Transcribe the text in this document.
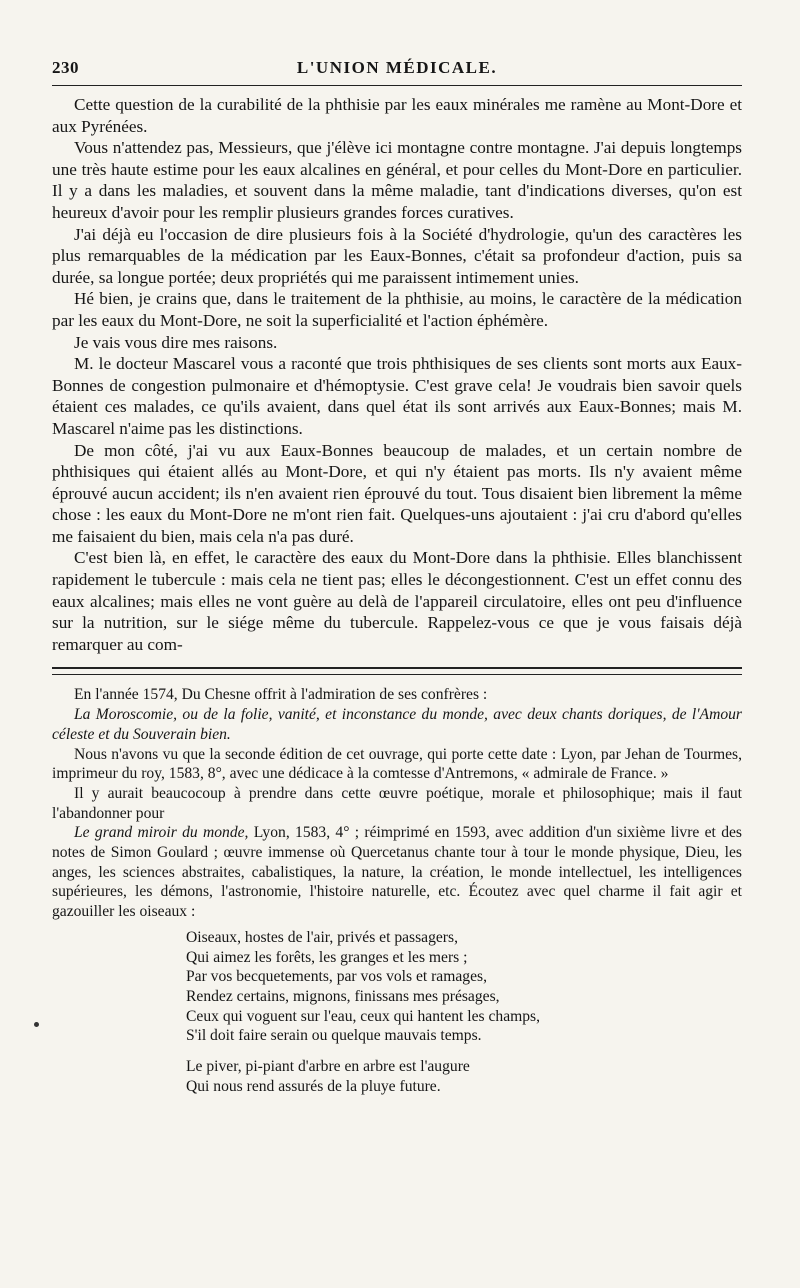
230	L'UNION MÉDICALE.

Cette question de la curabilité de la phthisie par les eaux minérales me ramène au Mont-Dore et aux Pyrénées.

Vous n'attendez pas, Messieurs, que j'élève ici montagne contre montagne. J'ai depuis longtemps une très haute estime pour les eaux alcalines en général, et pour celles du Mont-Dore en particulier. Il y a dans les maladies, et souvent dans la même maladie, tant d'indications diverses, qu'on est heureux d'avoir pour les remplir plusieurs grandes forces curatives.

J'ai déjà eu l'occasion de dire plusieurs fois à la Société d'hydrologie, qu'un des caractères les plus remarquables de la médication par les Eaux-Bonnes, c'était sa profondeur d'action, puis sa durée, sa longue portée; deux propriétés qui me paraissent intimement unies.

Hé bien, je crains que, dans le traitement de la phthisie, au moins, le caractère de la médication par les eaux du Mont-Dore, ne soit la superficialité et l'action éphémère.

Je vais vous dire mes raisons.

M. le docteur Mascarel vous a raconté que trois phthisiques de ses clients sont morts aux Eaux-Bonnes de congestion pulmonaire et d'hémoptysie. C'est grave cela! Je voudrais bien savoir quels étaient ces malades, ce qu'ils avaient, dans quel état ils sont arrivés aux Eaux-Bonnes; mais M. Mascarel n'aime pas les distinctions.

De mon côté, j'ai vu aux Eaux-Bonnes beaucoup de malades, et un certain nombre de phthisiques qui étaient allés au Mont-Dore, et qui n'y étaient pas morts. Ils n'y avaient même éprouvé aucun accident; ils n'en avaient rien éprouvé du tout. Tous disaient bien librement la même chose : les eaux du Mont-Dore ne m'ont rien fait. Quelques-uns ajoutaient : j'ai cru d'abord qu'elles me faisaient du bien, mais cela n'a pas duré.

C'est bien là, en effet, le caractère des eaux du Mont-Dore dans la phthisie. Elles blanchissent rapidement le tubercule : mais cela ne tient pas; elles le décongestionnent. C'est un effet connu des eaux alcalines; mais elles ne vont guère au delà de l'appareil circulatoire, elles ont peu d'influence sur la nutrition, sur le siége même du tubercule. Rappelez-vous ce que je vous faisais déjà remarquer au com-

En l'année 1574, Du Chesne offrit à l'admiration de ses confrères :

La Moroscomie, ou de la folie, vanité, et inconstance du monde, avec deux chants doriques, de l'Amour céleste et du Souverain bien.

Nous n'avons vu que la seconde édition de cet ouvrage, qui porte cette date : Lyon, par Jehan de Tourmes, imprimeur du roy, 1583, 8°, avec une dédicace à la comtesse d'Antremons, « admirale de France. »

Il y aurait beaucocoup à prendre dans cette œuvre poétique, morale et philosophique; mais il faut l'abandonner pour

Le grand miroir du monde, Lyon, 1583, 4° ; réimprimé en 1593, avec addition d'un sixième livre et des notes de Simon Goulard ; œuvre immense où Quercetanus chante tour à tour le monde physique, Dieu, les anges, les sciences abstraites, cabalistiques, la nature, la création, le monde intellectuel, les intelligences supérieures, les démons, l'astronomie, l'histoire naturelle, etc. Écoutez avec quel charme il fait agir et gazouiller les oiseaux :

Oiseaux, hostes de l'air, privés et passagers,
Qui aimez les forêts, les granges et les mers ;
Par vos becquetements, par vos vols et ramages,
Rendez certains, mignons, finissans mes présages,
Ceux qui voguent sur l'eau, ceux qui hantent les champs,
S'il doit faire serain ou quelque mauvais temps.
Le piver, pi-piant d'arbre en arbre est l'augure
Qui nous rend assurés de la pluye future.
